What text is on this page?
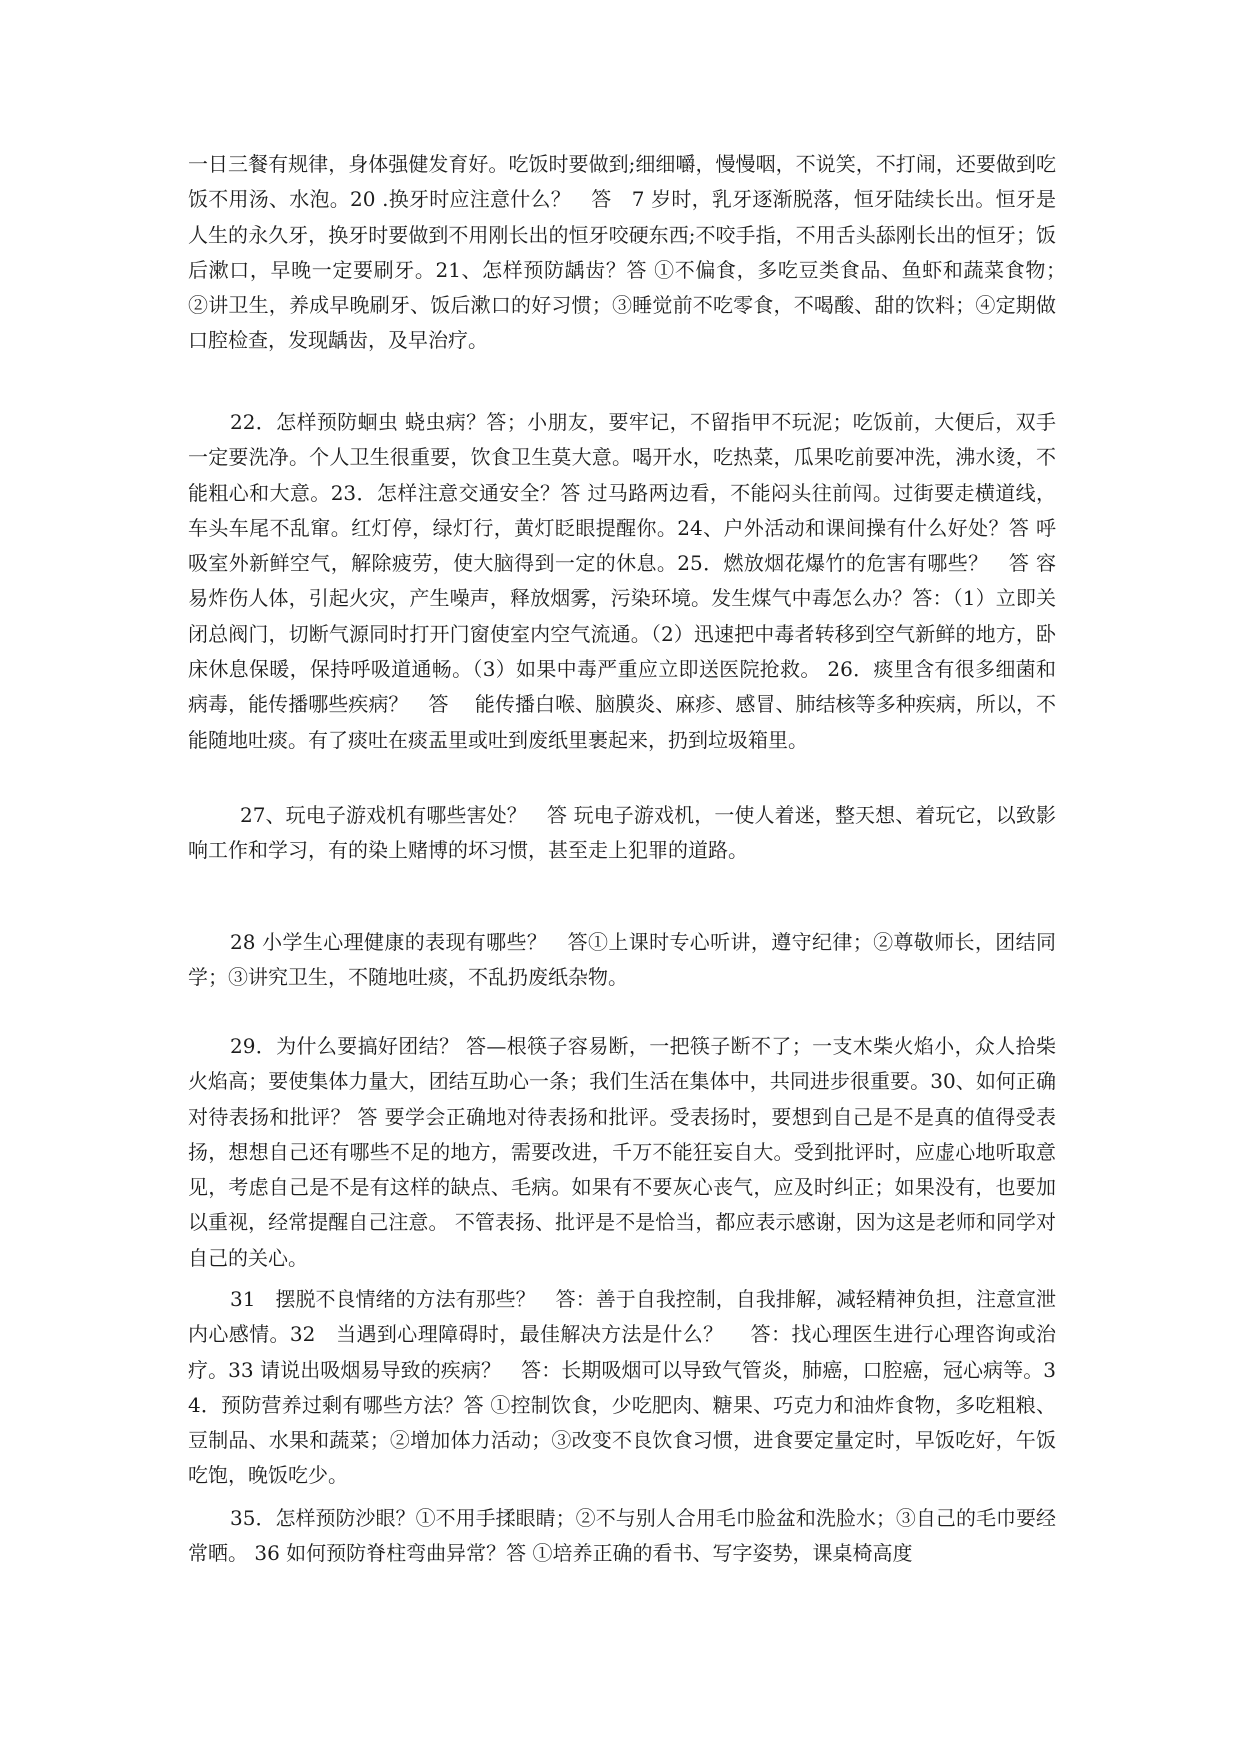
一日三餐有规律，身体强健发育好。吃饭时要做到;细细嚼，慢慢咽，不说笑，不打闹，还要做到吃饭不用汤、水泡。20 .换牙时应注意什么？　答　7 岁时，乳牙逐渐脱落，恒牙陆续长出。恒牙是人生的永久牙，换牙时要做到不用刚长出的恒牙咬硬东西;不咬手指，不用舌头舔刚长出的恒牙；饭后漱口，早晚一定要刷牙。21、怎样预防龋齿？答 ①不偏食，多吃豆类食品、鱼虾和蔬菜食物；　②讲卫生，养成早晚刷牙、饭后漱口的好习惯；③睡觉前不吃零食，不喝酸、甜的饮料；④定期做口腔检查，发现龋齿，及早治疗。

22．怎样预防蛔虫 蛲虫病？答；小朋友，要牢记，不留指甲不玩泥；吃饭前，大便后，双手一定要洗净。个人卫生很重要，饮食卫生莫大意。喝开水，吃热菜，瓜果吃前要冲洗，沸水烫，不能粗心和大意。23．怎样注意交通安全？答 过马路两边看，不能闷头往前闯。过街要走横道线，车头车尾不乱窜。红灯停，绿灯行，黄灯眨眼提醒你。24、户外活动和课间操有什么好处？答 呼吸室外新鲜空气，解除疲劳，使大脑得到一定的休息。25．燃放烟花爆竹的危害有哪些？　答 容易炸伤人体，引起火灾，产生噪声，释放烟雾，污染环境。发生煤气中毒怎么办？答：（1）立即关闭总阀门，切断气源同时打开门窗使室内空气流通。（2）迅速把中毒者转移到空气新鲜的地方，卧床休息保暖，保持呼吸道通畅。（3）如果中毒严重应立即送医院抢救。 26．痰里含有很多细菌和病毒，能传播哪些疾病？　答　 能传播白喉、脑膜炎、麻疹、感冒、肺结核等多种疾病，所以，不能随地吐痰。有了痰吐在痰盂里或吐到废纸里裹起来，扔到垃圾箱里。

27、玩电子游戏机有哪些害处？　答 玩电子游戏机，一使人着迷，整天想、着玩它，以致影响工作和学习，有的染上赌博的坏习惯，甚至走上犯罪的道路。

28 小学生心理健康的表现有哪些？　答①上课时专心听讲，遵守纪律；②尊敬师长，团结同学；③讲究卫生，不随地吐痰，不乱扔废纸杂物。

29．为什么要搞好团结？ 答—根筷子容易断，一把筷子断不了；一支木柴火焰小，众人拾柴火焰高；要使集体力量大，团结互助心一条；我们生活在集体中，共同进步很重要。30、如何正确对待表扬和批评？ 答 要学会正确地对待表扬和批评。受表扬时，要想到自己是不是真的值得受表扬，想想自己还有哪些不足的地方，需要改进，千万不能狂妄自大。受到批评时，应虚心地听取意见，考虑自己是不是有这样的缺点、毛病。如果有不要灰心丧气，应及时纠正；如果没有，也要加以重视，经常提醒自己注意。 不管表扬、批评是不是恰当，都应表示感谢，因为这是老师和同学对自己的关心。

31　摆脱不良情绪的方法有那些？　答：善于自我控制，自我排解，减轻精神负担，注意宣泄内心感情。32　当遇到心理障碍时，最佳解决方法是什么？　 答：找心理医生进行心理咨询或治疗。33 请说出吸烟易导致的疾病？　答：长期吸烟可以导致气管炎，肺癌，口腔癌，冠心病等。34．预防营养过剩有哪些方法？答 ①控制饮食，少吃肥肉、糖果、巧克力和油炸食物，多吃粗粮、豆制品、水果和蔬菜；②增加体力活动；③改变不良饮食习惯，进食要定量定时，早饭吃好，午饭吃饱，晚饭吃少。

35．怎样预防沙眼？①不用手揉眼睛；②不与别人合用毛巾脸盆和洗脸水；③自己的毛巾要经常晒。 36 如何预防脊柱弯曲异常？答 ①培养正确的看书、写字姿势，课桌椅高度
